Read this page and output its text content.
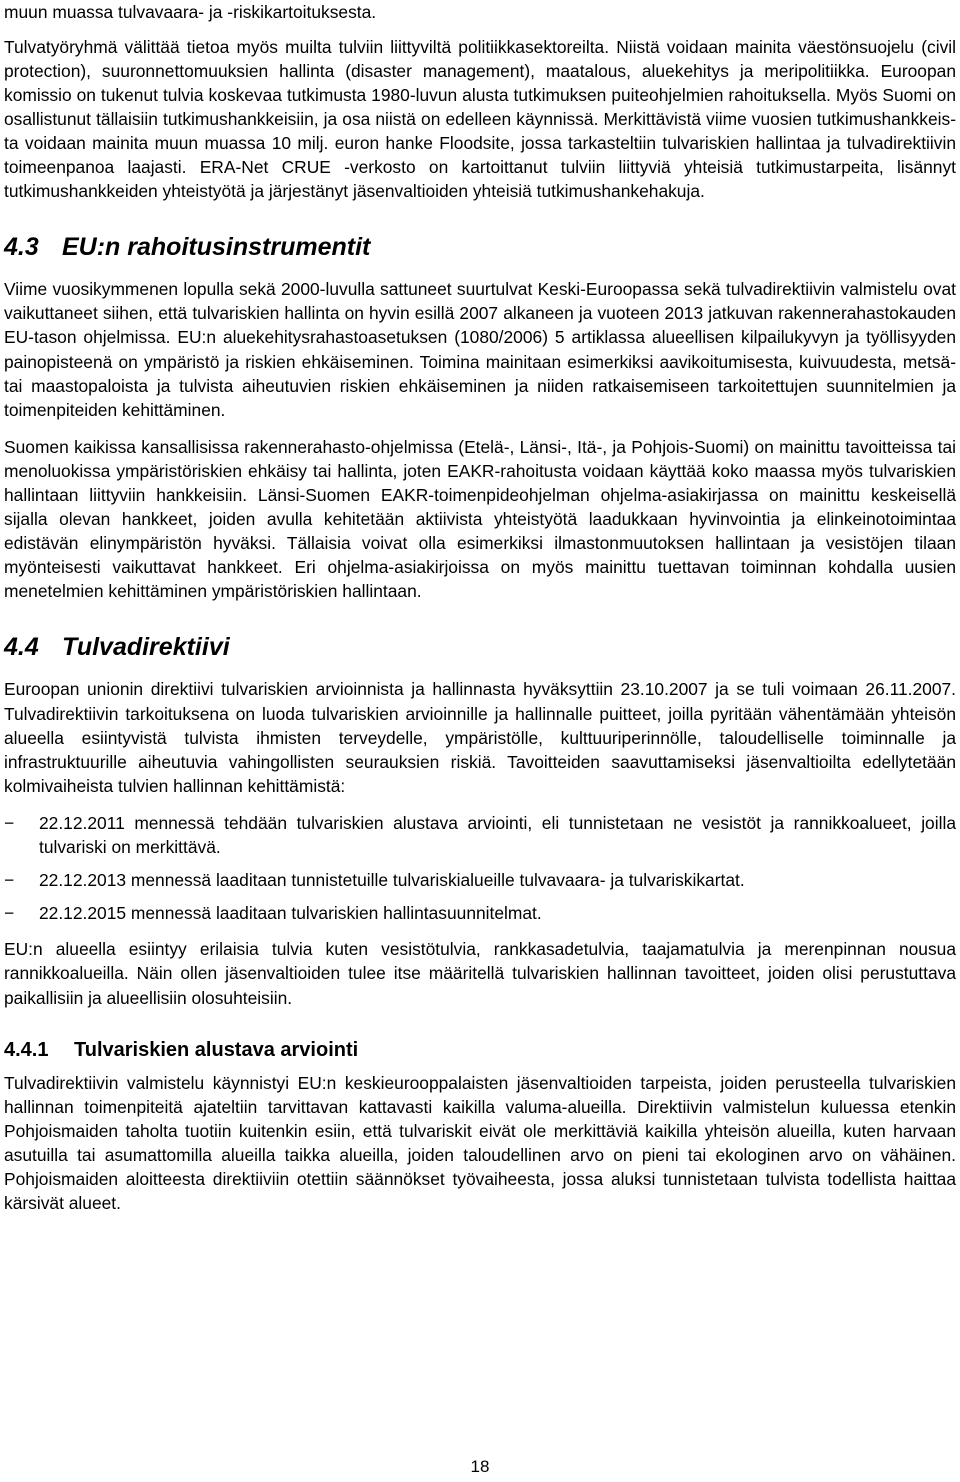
muun muassa tulvavaara- ja -riskikartoituksesta.

Tulvatyöryhmä välittää tietoa myös muilta tulviin liittyviltä politiikkasektoreilta. Niistä voidaan mainita väestönsuojelu (civil protection), suuronnettomuuksien hallinta (disaster management), maatalous, aluekehitys ja meripolitiikka. Euroopan komissio on tukenut tulvia koskevaa tutkimusta 1980-luvun alusta tutkimuksen puiteohjelmien rahoituksella. Myös Suomi on osallistunut tällaisiin tutkimushankkeisiin, ja osa niistä on edelleen käynnissä. Merkittävistä viime vuosien tutkimushankkeista voidaan mainita muun muassa 10 milj. euron hanke Floodsite, jossa tarkasteltiin tulvariskien hallintaa ja tulvadirektiivin toimeenpanoa laajasti. ERA-Net CRUE -verkosto on kartoittanut tulviin liittyviä yhteisiä tutkimustarpeita, lisännyt tutkimushankkeiden yhteistyötä ja järjestänyt jäsenvaltioiden yhteisiä tutkimushankehakuja.

4.3 EU:n rahoitusinstrumentit

Viime vuosikymmenen lopulla sekä 2000-luvulla sattuneet suurtulvat Keski-Euroopassa sekä tulvadirektiivin valmistelu ovat vaikuttaneet siihen, että tulvariskien hallinta on hyvin esillä 2007 alkaneen ja vuoteen 2013 jatkuvan rakennerahastokauden EU-tason ohjelmissa. EU:n aluekehitysrahastoasetuksen (1080/2006) 5 artiklassa alueellisen kilpailukyvyn ja työllisyyden painopisteenä on ympäristö ja riskien ehkäiseminen. Toimina mainitaan esimerkiksi aavikoitumisesta, kuivuudesta, metsä- tai maastopaloista ja tulvista aiheutuvien riskien ehkäiseminen ja niiden ratkaisemiseen tarkoitettujen suunnitelmien ja toimenpiteiden kehittäminen.

Suomen kaikissa kansallisissa rakennerahasto-ohjelmissa (Etelä-, Länsi-, Itä-, ja Pohjois-Suomi) on mainittu tavoitteissa tai menoluokissa ympäristöriskien ehkäisy tai hallinta, joten EAKR-rahoitusta voidaan käyttää koko maassa myös tulvariskien hallintaan liittyviin hankkeisiin. Länsi-Suomen EAKR-toimenpideohjelman ohjelma-asiakirjassa on mainittu keskeisellä sijalla olevan hankkeet, joiden avulla kehitetään aktiivista yhteistyötä laadukkaan hyvinvointia ja elinkeinotoimintaa edistävän elinympäristön hyväksi. Tällaisia voivat olla esimerkiksi ilmastonmuutoksen hallintaan ja vesistöjen tilaan myönteisesti vaikuttavat hankkeet. Eri ohjelma-asiakirjoissa on myös mainittu tuettavan toiminnan kohdalla uusien menetelmien kehittäminen ympäristöriskien hallintaan.

4.4 Tulvadirektiivi

Euroopan unionin direktiivi tulvariskien arvioinnista ja hallinnasta hyväksyttiin 23.10.2007 ja se tuli voimaan 26.11.2007. Tulvadirektiivin tarkoituksena on luoda tulvariskien arvioinnille ja hallinnalle puitteet, joilla pyritään vähentämään yhteisön alueella esiintyvistä tulvista ihmisten terveydelle, ympäristölle, kulttuuriperinnölle, taloudelliselle toiminnalle ja infrastruktuurille aiheutuvia vahingollisten seurauksien riskiä. Tavoitteiden saavuttamiseksi jäsenvaltioilta edellytetään kolmivaiheista tulvien hallinnan kehittämistä:

−	22.12.2011 mennessä tehdään tulvariskien alustava arviointi, eli tunnistetaan ne vesistöt ja rannikkoalueet, joilla tulvariski on merkittävä.
−	22.12.2013 mennessä laaditaan tunnistetuille tulvariskialueille tulvavaara- ja tulvariskikartat.
−	22.12.2015 mennessä laaditaan tulvariskien hallintasuunnitelmat.

EU:n alueella esiintyy erilaisia tulvia kuten vesistötulvia, rankkasadetulvia, taajamatulvia ja merenpinnan nousua rannikkoalueilla. Näin ollen jäsenvaltioiden tulee itse määritellä tulvariskien hallinnan tavoitteet, joiden olisi perustuttava paikallisiin ja alueellisiin olosuhteisiin.

4.4.1 Tulvariskien alustava arviointi

Tulvadirektiivin valmistelu käynnistyi EU:n keskieurooppalaisten jäsenvaltioiden tarpeista, joiden perusteella tulvariskien hallinnan toimenpiteitä ajateltiin tarvittavan kattavasti kaikilla valuma-alueilla. Direktiivin valmistelun kuluessa etenkin Pohjoismaiden taholta tuotiin kuitenkin esiin, että tulvariskit eivät ole merkittäviä kaikilla yhteisön alueilla, kuten harvaan asutuilla tai asumattomilla alueilla taikka alueilla, joiden taloudellinen arvo on pieni tai ekologinen arvo on vähäinen. Pohjoismaiden aloitteesta direktiiviin otettiin säännökset työvaiheesta, jossa aluksi tunnistetaan tulvista todellista haittaa kärsivät alueet.

18
